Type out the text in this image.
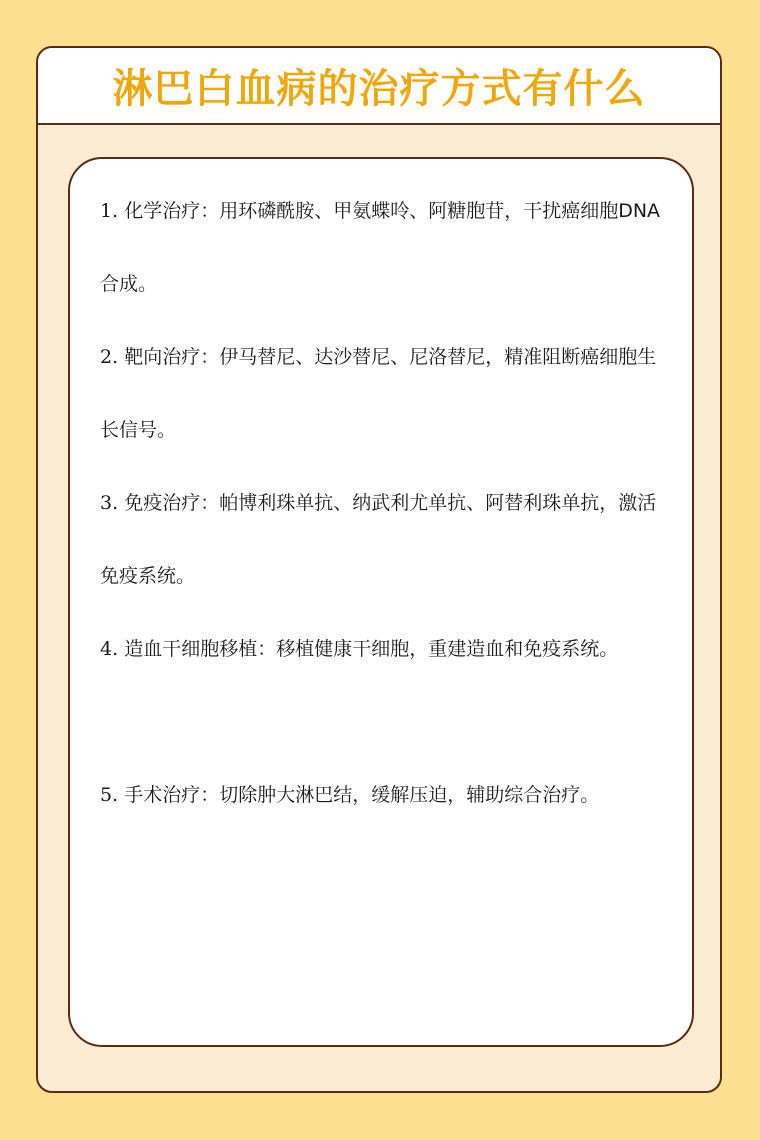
淋巴白血病的治疗方式有什么
1. 化学治疗：用环磷酰胺、甲氨蝶呤、阿糖胞苷，干扰癌细胞DNA合成。
2. 靶向治疗：伊马替尼、达沙替尼、尼洛替尼，精准阻断癌细胞生长信号。
3. 免疫治疗：帕博利珠单抗、纳武利尤单抗、阿替利珠单抗，激活免疫系统。
4. 造血干细胞移植：移植健康干细胞，重建造血和免疫系统。
5. 手术治疗：切除肿大淋巴结，缓解压迫，辅助综合治疗。
